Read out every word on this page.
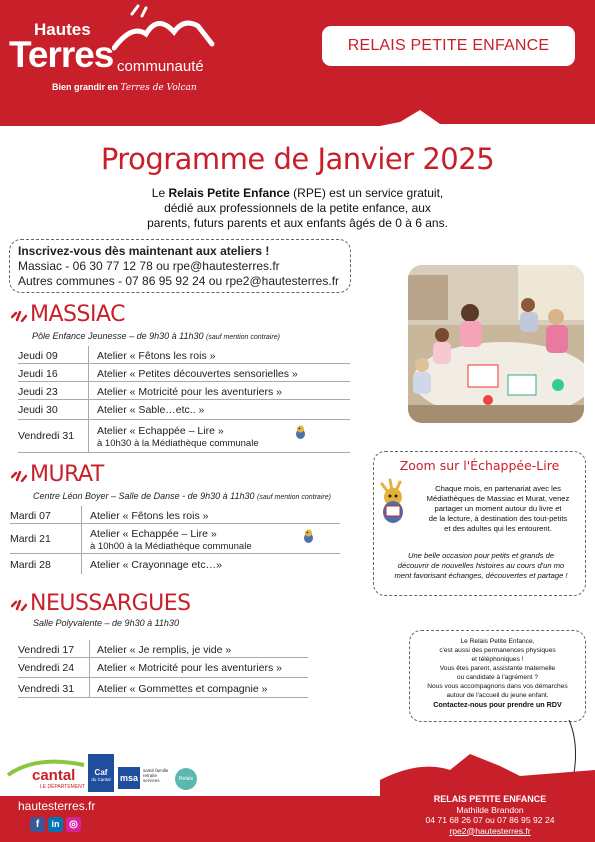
Hautes
Terres communauté
Bien grandir en Terres de Volcan
RELAIS PETITE ENFANCE
Programme de Janvier 2025
Le Relais Petite Enfance (RPE) est un service gratuit,
dédié aux professionnels de la petite enfance, aux
parents, futurs parents et aux enfants âgés de 0 à 6 ans.
Inscrivez-vous dès maintenant aux ateliers !
Massiac - 06 30 77 12 78 ou rpe@hautesterres.fr
Autres communes - 07 86 95 92 24 ou rpe2@hautesterres.fr
MASSIAC
Pôle Enfance Jeunesse – de 9h30 à 11h30 (sauf mention contraire)
Jeudi 09	Atelier « Fêtons les rois »
Jeudi 16	Atelier « Petites découvertes sensorielles »
Jeudi 23	Atelier « Motricité pour les aventuriers »
Jeudi 30	Atelier « Sable…etc.. »
Vendredi 31 Atelier « Echappée – Lire »
à 10h30 à la Médiathèque communale
MURAT
Centre Léon Boyer – Salle de Danse - de 9h30 à 11h30 (sauf mention contraire)
Mardi 07	Atelier « Fêtons les rois »
Mardi 21	Atelier « Echappée – Lire »
à 10h00 à la Médiathèque communale
Mardi 28	Atelier « Crayonnage etc…»
NEUSSARGUES
Salle Polyvalente – de 9h30 à 11h30
Vendredi 17 Atelier « Je remplis, je vide »
Vendredi 24 Atelier « Motricité pour les aventuriers »
Vendredi 31 Atelier « Gommettes et compagnie »
Zoom sur l'Échappée-Lire
Chaque mois, en partenariat avec les
Médiathèques de Massiac et Murat, venez
partager un moment autour du livre et
de la lecture, à destination des tout-petits
et des adultes qui les entourent.
Une belle occasion pour petits et grands de
découvrir de nouvelles histoires au cours d'un mo
ment favorisant échanges, découvertes et partage !
Le Relais Petite Enfance,
c'est aussi des permanences physiques
et téléphoniques !
Vous êtes parent, assistante maternelle
ou candidate à l'agrément ?
Nous vous accompagnons dans vos démarches
autour de l'accueil du jeune enfant.
Contactez-nous pour prendre un RDV
cantal
LE DÉPARTEMENT
Caf
du Cantal	msa
santé famille retraite services	Relais
hautesterres.fr
f	in ◎
RELAIS PETITE ENFANCE
Mathilde Brandon
04 71 68 26 07 ou 07 86 95 92 24
rpe2@hautesterres.fr
